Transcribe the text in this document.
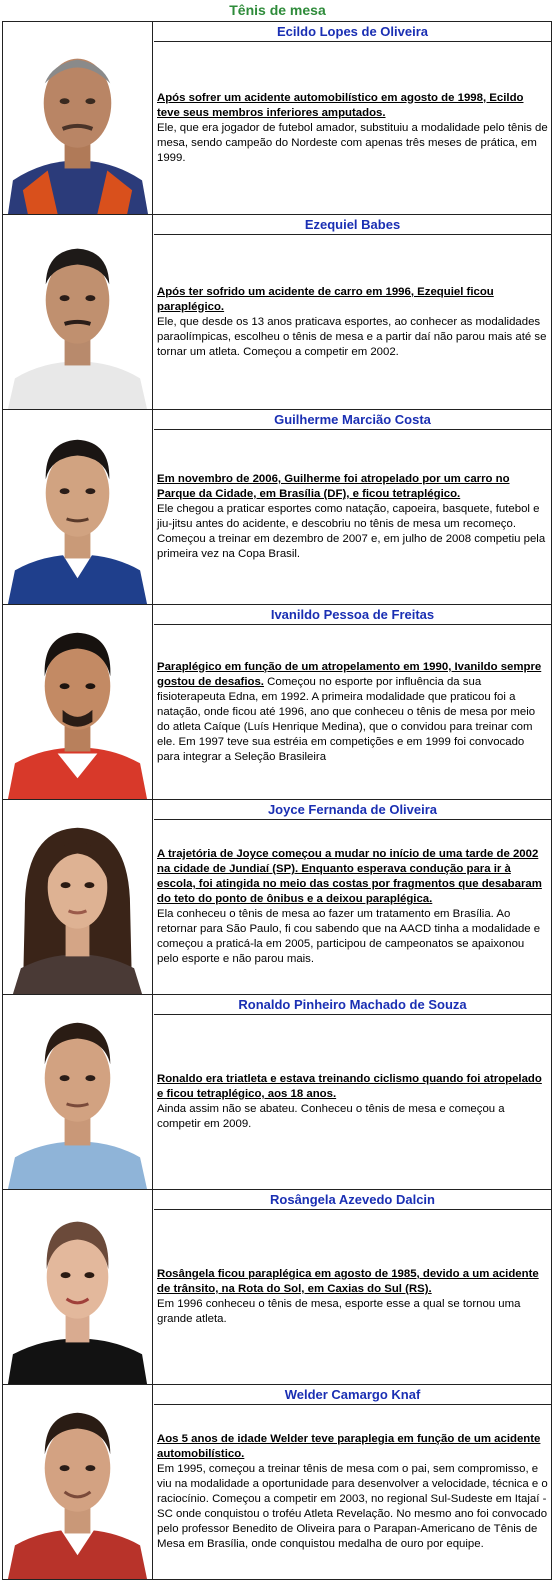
Tênis de mesa
Ecildo Lopes de Oliveira

Após sofrer um acidente automobilístico em agosto de 1998, Ecildo teve seus membros inferiores amputados.
Ele, que era jogador de futebol amador, substituiu a modalidade pelo tênis de mesa, sendo campeão do Nordeste com apenas três meses de prática, em 1999.

Ezequiel Babes

Após ter sofrido um acidente de carro em 1996, Ezequiel ficou paraplégico.
Ele, que desde os 13 anos praticava esportes, ao conhecer as modalidades paraolímpicas, escolheu o tênis de mesa e a partir daí não parou mais até se tornar um atleta. Começou a competir em 2002.

Guilherme Marcião Costa

Em novembro de 2006, Guilherme foi atropelado por um carro no Parque da Cidade, em Brasília (DF), e ficou tetraplégico.
Ele chegou a praticar esportes como natação, capoeira, basquete, futebol e jiu-jitsu antes do acidente, e descobriu no tênis de mesa um recomeço. Começou a treinar em dezembro de 2007 e, em julho de 2008 competiu pela primeira vez na Copa Brasil.

Ivanildo Pessoa de Freitas

Paraplégico em função de um atropelamento em 1990, Ivanildo sempre gostou de desafios. Começou no esporte por influência da sua fisioterapeuta Edna, em 1992. A primeira modalidade que praticou foi a natação, onde ficou até 1996, ano que conheceu o tênis de mesa por meio do atleta Caíque (Luís Henrique Medina), que o convidou para treinar com ele. Em 1997 teve sua estréia em competições e em 1999 foi convocado para integrar a Seleção Brasileira

Joyce Fernanda de Oliveira

A trajetória de Joyce começou a mudar no início de uma tarde de 2002 na cidade de Jundiaí (SP). Enquanto esperava condução para ir à escola, foi atingida no meio das costas por fragmentos que desabaram do teto do ponto de ônibus e a deixou paraplégica.
Ela conheceu o tênis de mesa ao fazer um tratamento em Brasília. Ao retornar para São Paulo, fi cou sabendo que na AACD tinha a modalidade e começou a praticá-la em 2005, participou de campeonatos se apaixonou pelo esporte e não parou mais.

Ronaldo Pinheiro Machado de Souza

Ronaldo era triatleta e estava treinando ciclismo quando foi atropelado e ficou tetraplégico, aos 18 anos.
Ainda assim não se abateu. Conheceu o tênis de mesa e começou a competir em 2009.

Rosângela Azevedo Dalcin

Rosângela ficou paraplégica em agosto de 1985, devido a um acidente de trânsito, na Rota do Sol, em Caxias do Sul (RS).
Em 1996 conheceu o tênis de mesa, esporte esse a qual se tornou uma grande atleta.

Welder Camargo Knaf

Aos 5 anos de idade Welder teve paraplegia em função de um acidente automobilístico.
Em 1995, começou a treinar tênis de mesa com o pai, sem compromisso, e viu na modalidade a oportunidade para desenvolver a velocidade, técnica e o raciocínio. Começou a competir em 2003, no regional Sul-Sudeste em Itajaí - SC onde conquistou o troféu Atleta Revelação. No mesmo ano foi convocado pelo professor Benedito de Oliveira para o Parapan-Americano de Tênis de Mesa em Brasília, onde conquistou medalha de ouro por equipe.
